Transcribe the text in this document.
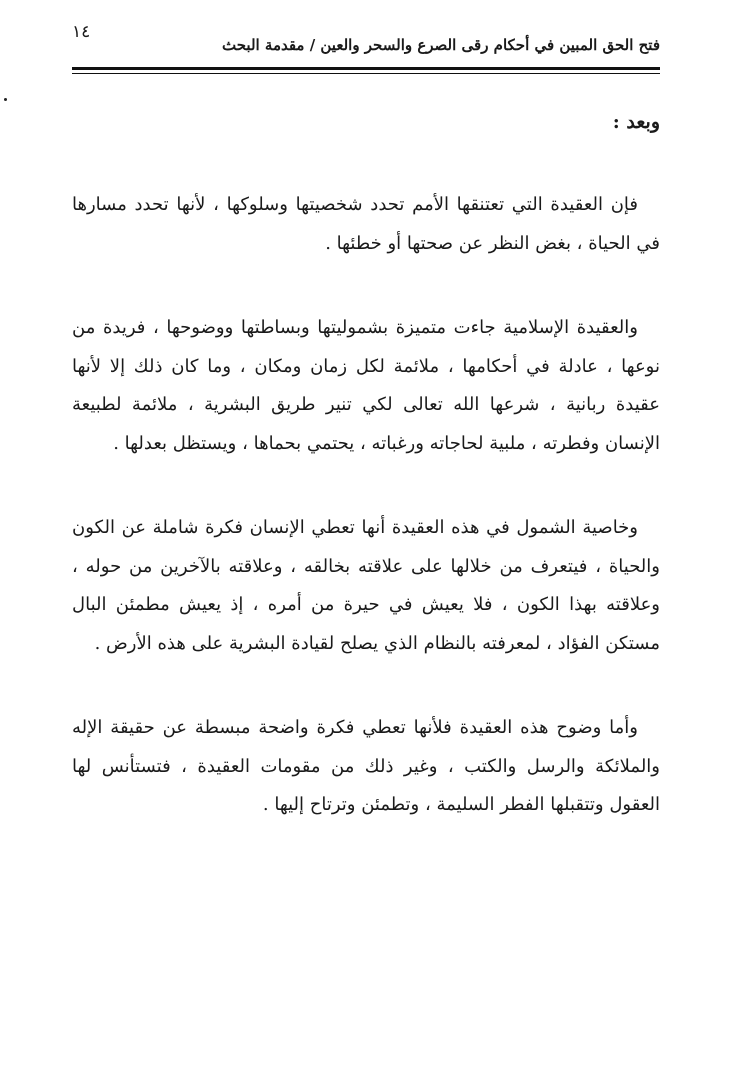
١٤
فتح الحق المبين في أحكام رقى الصرع والسحر والعين / مقدمة البحث
وبعد :

فإن العقيدة التي تعتنقها الأمم تحدد شخصيتها وسلوكها ، لأنها تحدد مسارها في الحياة ، بغض النظر عن صحتها أو خطئها .

والعقيدة الإسلامية جاءت متميزة بشموليتها وبساطتها ووضوحها ، فريدة من نوعها ، عادلة في أحكامها ، ملائمة لكل زمان ومكان ، وما كان ذلك إلا لأنها عقيدة ربانية ، شرعها الله تعالى لكي تنير طريق البشرية ، ملائمة لطبيعة الإنسان وفطرته ، ملبية لحاجاته ورغباته ، يحتمي بحماها ، ويستظل بعدلها .

وخاصية الشمول في هذه العقيدة أنها تعطي الإنسان فكرة شاملة عن الكون والحياة ، فيتعرف من خلالها على علاقته بخالقه ، وعلاقته بالآخرين من حوله ، وعلاقته بهذا الكون ، فلا يعيش في حيرة من أمره ، إذ يعيش مطمئن البال مستكن الفؤاد ، لمعرفته بالنظام الذي يصلح لقيادة البشرية على هذه الأرض .

وأما وضوح هذه العقيدة فلأنها تعطي فكرة واضحة مبسطة عن حقيقة الإله والملائكة والرسل والكتب ، وغير ذلك من مقومات العقيدة ، فتستأنس لها العقول وتتقبلها الفطر السليمة ، وتطمئن وترتاح إليها .
